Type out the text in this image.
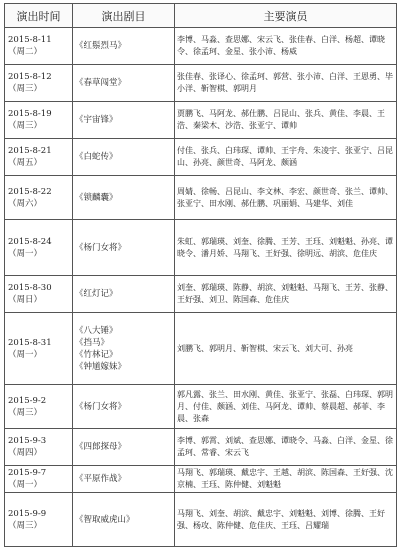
演出时间	演出剧目	主要演员

2015-8-11
（周二）	《红鬃烈马》	李博、马淼、查思娜、宋云飞、张佳春、白洋、杨超、谭晓令、徐孟珂、金星、张小沛、杨威

2015-8-12
（周三）	《春草闯堂》	张佳春、张译心、徐孟珂、郭营、张小沛、白洋、王恩勇、毕小洋、靳智棋、郭明月

2015-8-19
（周三）	《宇宙锋》	贾鹏飞、马阿龙、郝仕鹏、吕昆山、张兵、黄佳、李晨、王浩、秦梁木、沙浩、张亚宁、谭帅

2015-8-21
（周五）	《白蛇传》	付佳、张兵、白玮琛、谭帅、王宇舟、朱凌宇、张亚宁、吕昆山、孙亮、颜世奇、马阿龙、颇涵

2015-8-22
（周六）	《锁麟囊》	周婧、徐畅、吕昆山、李文林、李宏、颜世奇、张兰、谭帅、张亚宁、田水刚、郝仕鹏、巩丽娟、马建华、刘佳

2015-8-24
（周一）	《杨门女将》	朱虹、郭瑞瑛、刘奎、徐腾、王芳、王珏、刘魁魁、孙亮、谭晓令、潘月娇、马翔飞、王好强、徐明远、胡滨、危佳庆

2015-8-30
（周日）	《红灯记》	刘奎、郭瑞瑛、陈静、胡滨、刘魁魁、马翔飞、王芳、张静、王好强、刘卫、陈国森、危佳庆

2015-8-31
（周一）	《八大锤》
《挡马》
《竹林记》
《钟馗嫁妹》	刘鹏飞、郭明月、靳智棋、宋云飞、刘大可、孙亮

2015-9-2
（周三）	《杨门女将》	郭凡露、张兰、田水刚、黄佳、张亚宁、张磊、白玮琛、郭明月、付佳、颇涵、刘佳、马阿龙、谭帅、蔡晨超、郝菲、李晨、张森

2015-9-3
（周四）	《四郎探母》	李博、郭霄、刘斌、查思娜、谭晓令、马淼、白洋、金星、徐孟珂、常睿、宋云飞

2015-9-7
（周一）	《平原作战》	马翔飞、郭瑞瑛、戴忠宇、王越、胡滨、陈国森、王好强、沈京楠、王珏、陈仲健、刘魁魁

2015-9-9
（周三）	《智取威虎山》	马翔飞、刘奎、胡滨、戴忠宇、刘魁魁、刘博、徐腾、王好强、杨攻、陈仲健、危佳庆、王珏、吕耀瑞
